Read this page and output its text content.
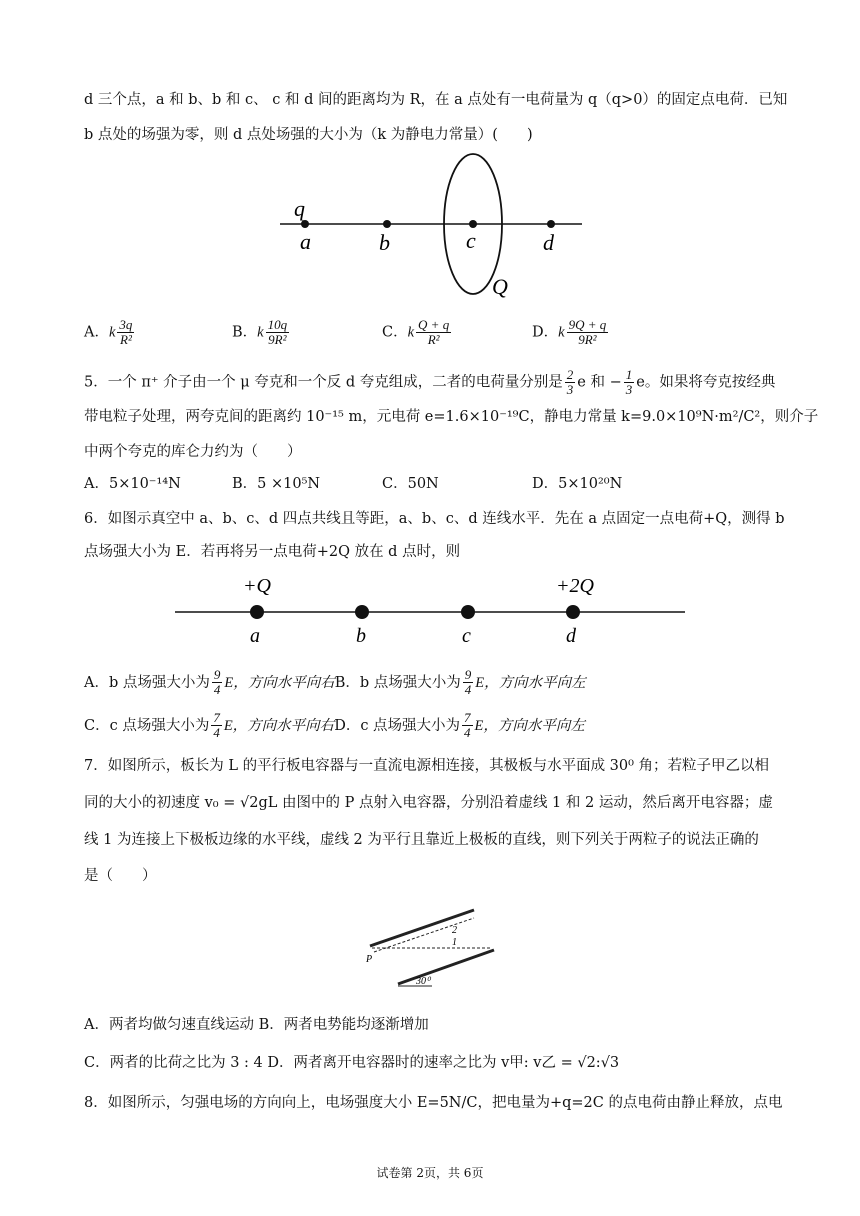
d 三个点，a 和 b、b 和 c、 c 和 d 间的距离均为 R，在 a 点处有一电荷量为 q（q>0）的固定点电荷．已知
b 点处的场强为零，则 d 点处场强的大小为（k 为静电力常量）(　　)
q
a	b	c	d
Q
A．k $\frac{3q}{\text{R²}}$	B．k $\frac{10q}{\text{9R²}}$	C．k $\frac{Q + q}{\text{R²}}$	D．k $\frac{9Q + q}{\text{9R²}}$
5．一个 π⁺ 介子由一个 μ 夸克和一个反 d 夸克组成，二者的电荷量分别是 $\frac{2}{3}$ e 和 − $\frac{1}{3}$ e。如果将夸克按经典
带电粒子处理，两夸克间的距离约 10⁻¹⁵ m，元电荷 e=1.6×10⁻¹⁹C，静电力常量 k=9.0×10⁹N·m²/C²，则介子
中两个夸克的库仑力约为（　　）
A．5×10⁻¹⁴N	B．5 ×10⁵N	C．50N	D．5×10²⁰N
6．如图示真空中 a、b、c、d 四点共线且等距，a、b、c、d 连线水平．先在 a 点固定一点电荷+Q，测得 b
点场强大小为 E．若再将另一点电荷+2Q 放在 d 点时，则
+Q	+2Q
a	b	c	d
A．b 点场强大小为 $\frac{9}{4}$ E，方向水平向右B．b 点场强大小为 $\frac{9}{4}$ E，方向水平向左
C．c 点场强大小为 $\frac{7}{4}$ E，方向水平向右D．c 点场强大小为 $\frac{7}{4}$ E，方向水平向左
7．如图所示，板长为 L 的平行板电容器与一直流电源相连接，其极板与水平面成 30⁰ 角；若粒子甲乙以相
同的大小的初速度 v₀ = √2gL 由图中的 P 点射入电容器，分别沿着虚线 1 和 2 运动，然后离开电容器；虚
线 1 为连接上下极板边缘的水平线，虚线 2 为平行且靠近上极板的直线，则下列关于两粒子的说法正确的
是（　　）
2
1
P
30⁰
A．两者均做匀速直线运动 B．两者电势能均逐渐增加
C．两者的比荷之比为 3 : 4 D．两者离开电容器时的速率之比为 v甲: v乙 = √2:√3
8．如图所示，匀强电场的方向向上，电场强度大小 E=5N/C，把电量为+q=2C 的点电荷由静止释放，点电
试卷第 2页，共 6页
